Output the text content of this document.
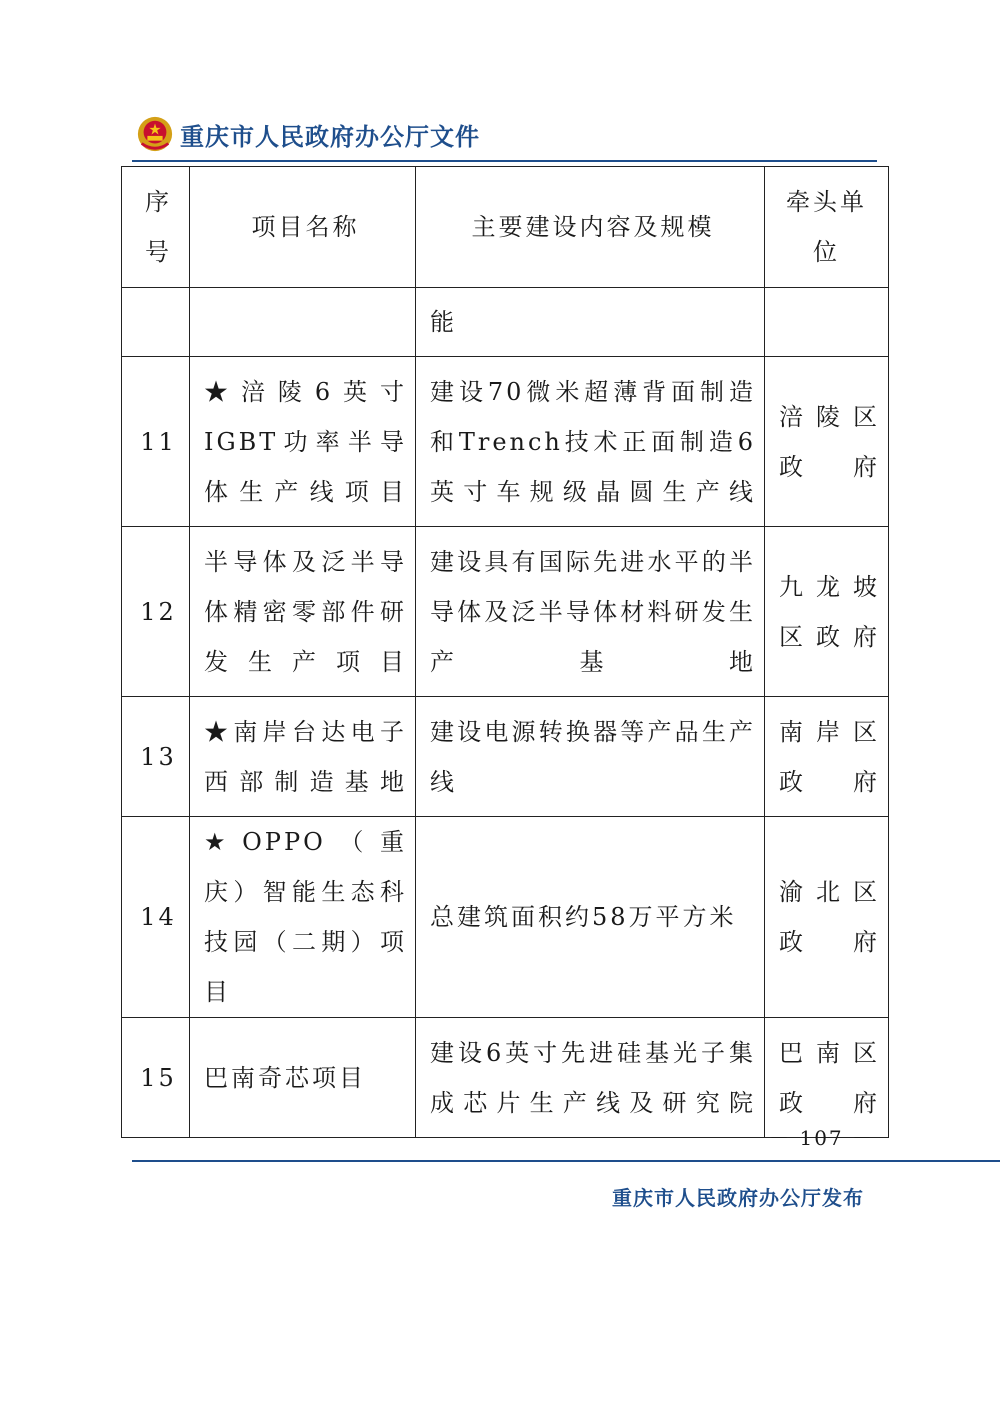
重庆市人民政府办公厅文件
序号	项目名称	主要建设内容及规模	牵头单位
		能	
11	★涪陵6英寸IGBT功率半导体生产线项目	建设70微米超薄背面制造和Trench技术正面制造6英寸车规级晶圆生产线	涪陵区政府
12	半导体及泛半导体精密零部件研发生产项目	建设具有国际先进水平的半导体及泛半导体材料研发生产基地	九龙坡区政府
13	★南岸台达电子西部制造基地	建设电源转换器等产品生产线	南岸区政府
14	★OPPO（重庆）智能生态科技园（二期）项目	总建筑面积约58万平方米	渝北区政府
15	巴南奇芯项目	建设6英寸先进硅基光子集成芯片生产线及研究院	巴南区政府
－ 107 －
重庆市人民政府办公厅发布
